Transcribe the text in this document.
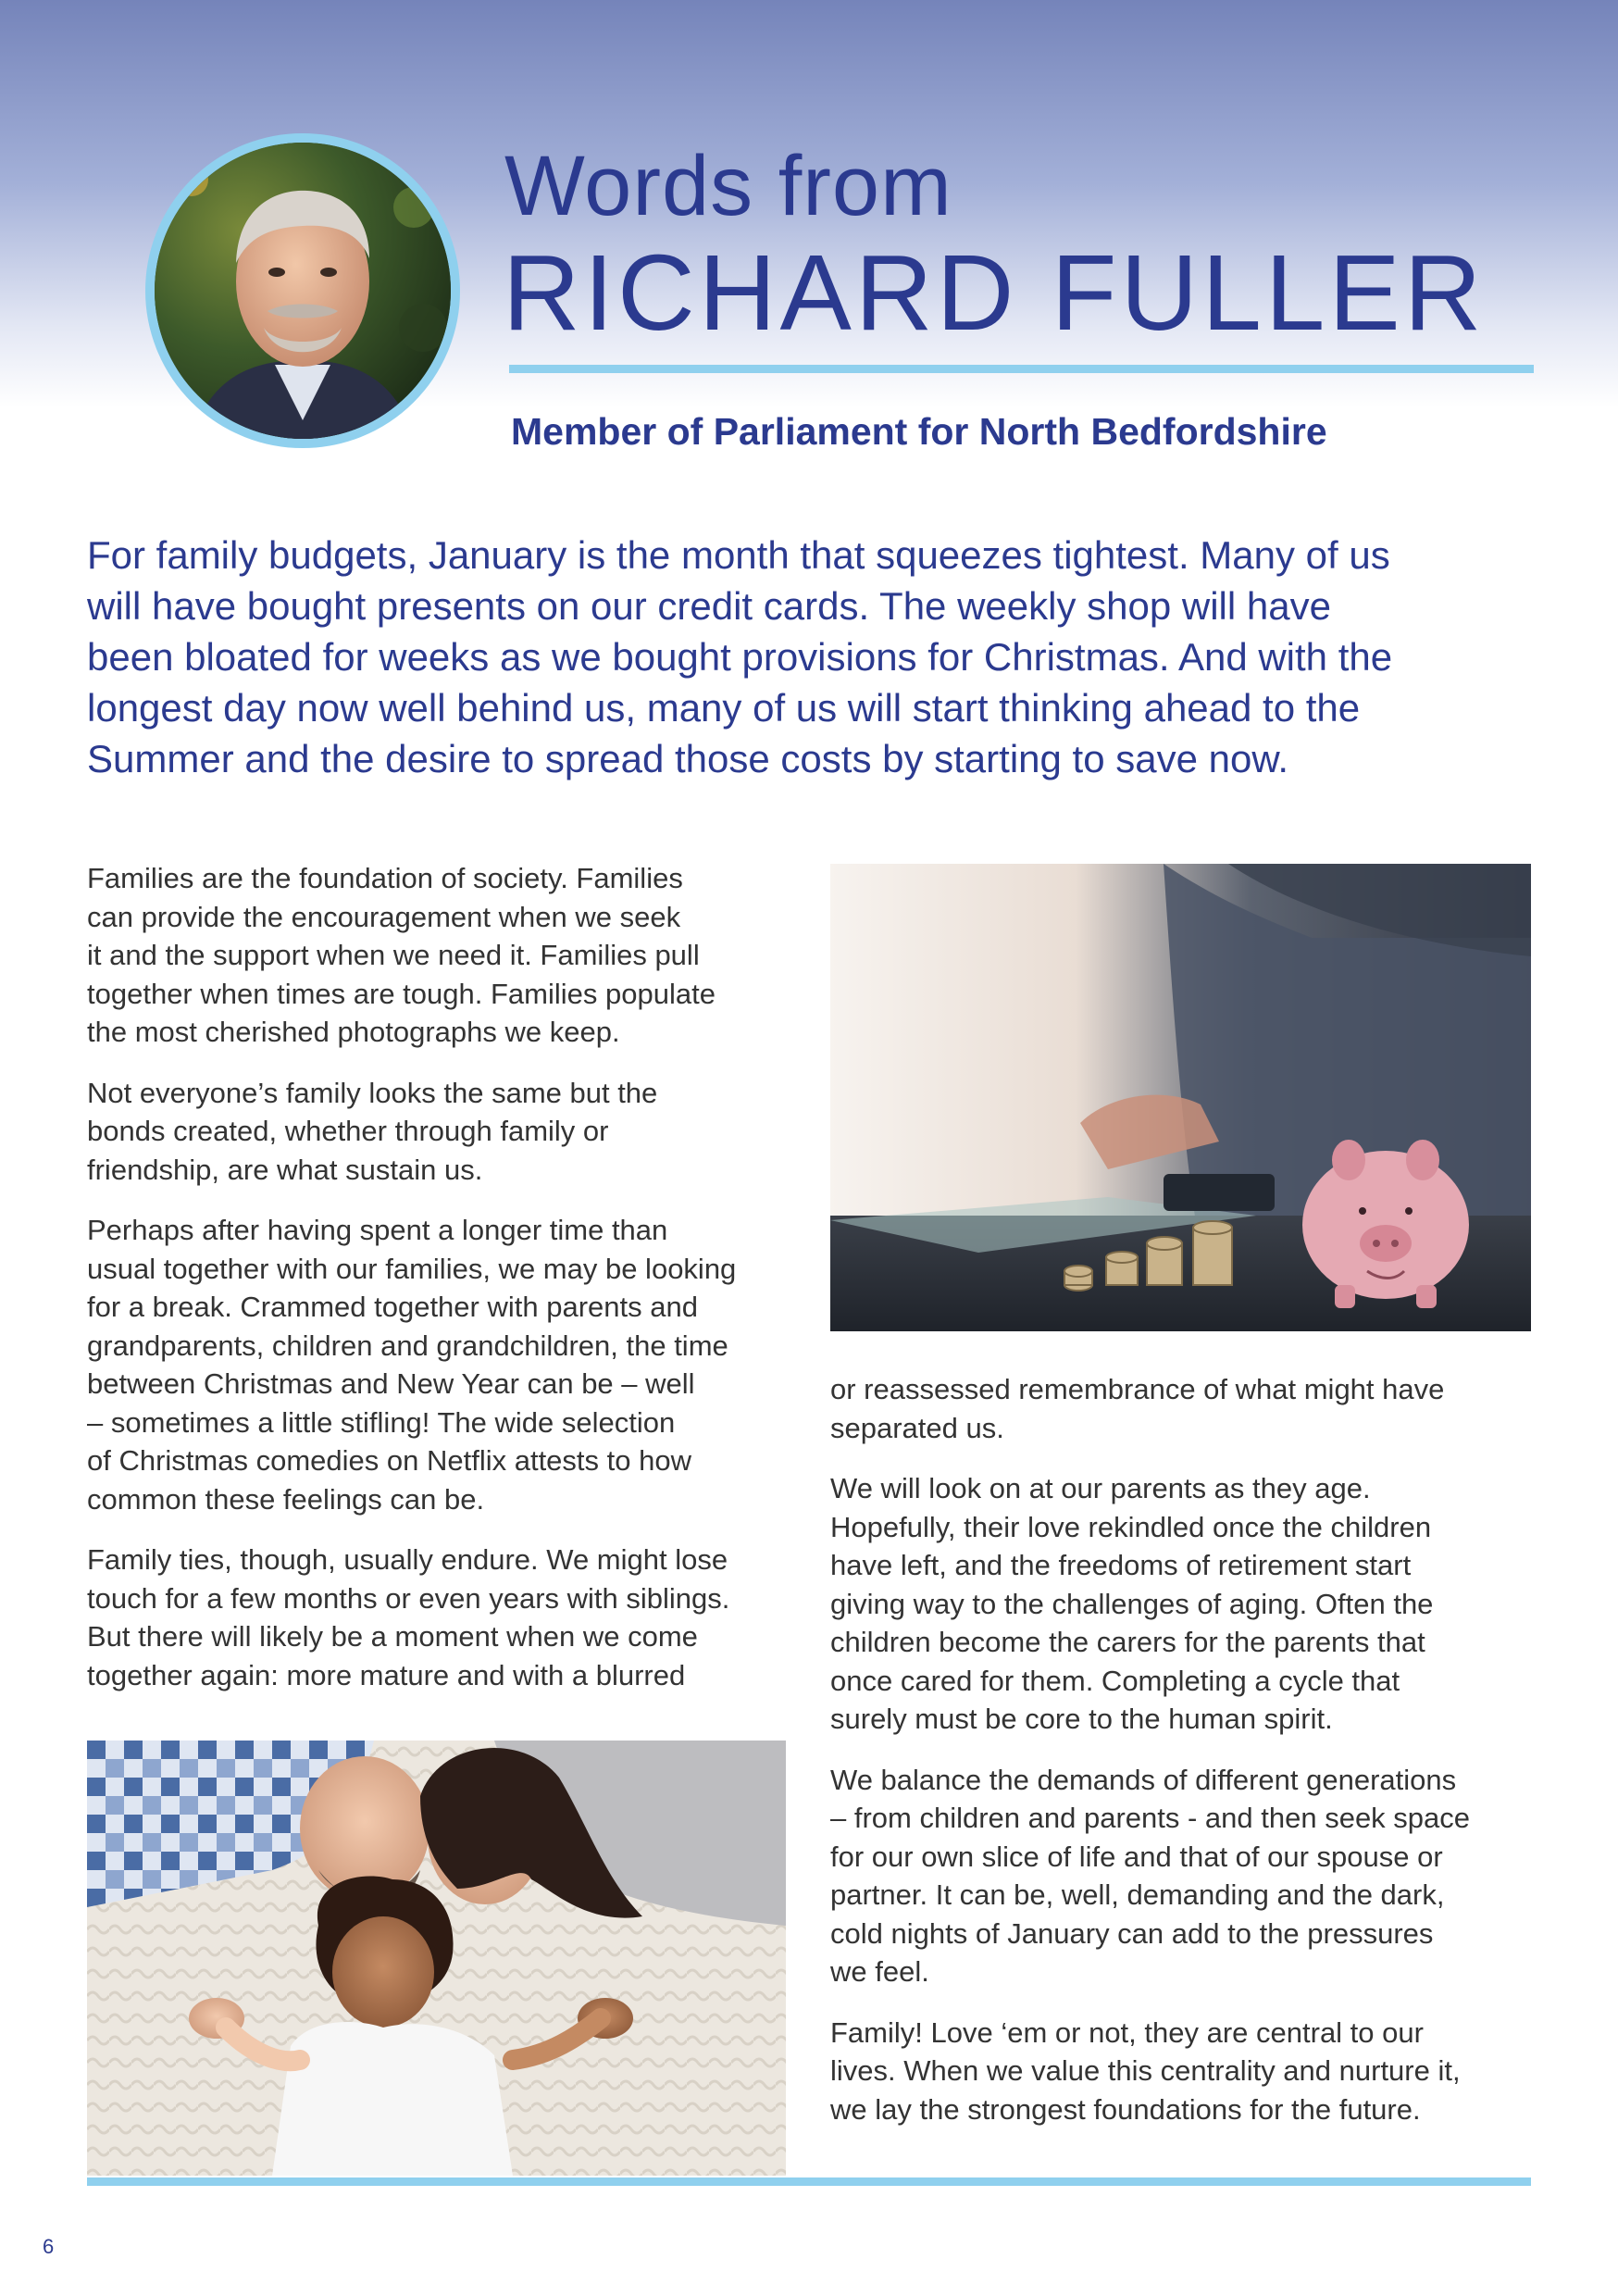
Words from
RICHARD FULLER
Member of Parliament for North Bedfordshire
For family budgets, January is the month that squeezes tightest. Many of us
will have bought presents on our credit cards. The weekly shop will have
been bloated for weeks as we bought provisions for Christmas. And with the
longest day now well behind us, many of us will start thinking ahead to the
Summer and the desire to spread those costs by starting to save now.

Families are the foundation of society. Families
can provide the encouragement when we seek
it and the support when we need it. Families pull
together when times are tough. Families populate
the most cherished photographs we keep.

Not everyone’s family looks the same but the
bonds created, whether through family or
friendship, are what sustain us.

Perhaps after having spent a longer time than
usual together with our families, we may be looking
for a break. Crammed together with parents and
grandparents, children and grandchildren, the time
between Christmas and New Year can be – well
– sometimes a little stifling! The wide selection
of Christmas comedies on Netflix attests to how
common these feelings can be.

Family ties, though, usually endure. We might lose
touch for a few months or even years with siblings.
But there will likely be a moment when we come
together again: more mature and with a blurred

or reassessed remembrance of what might have
separated us.

We will look on at our parents as they age.
Hopefully, their love rekindled once the children
have left, and the freedoms of retirement start
giving way to the challenges of aging. Often the
children become the carers for the parents that
once cared for them. Completing a cycle that
surely must be core to the human spirit.

We balance the demands of different generations
– from children and parents - and then seek space
for our own slice of life and that of our spouse or
partner. It can be, well, demanding and the dark,
cold nights of January can add to the pressures
we feel.

Family! Love ‘em or not, they are central to our
lives. When we value this centrality and nurture it,
we lay the strongest foundations for the future.

6
